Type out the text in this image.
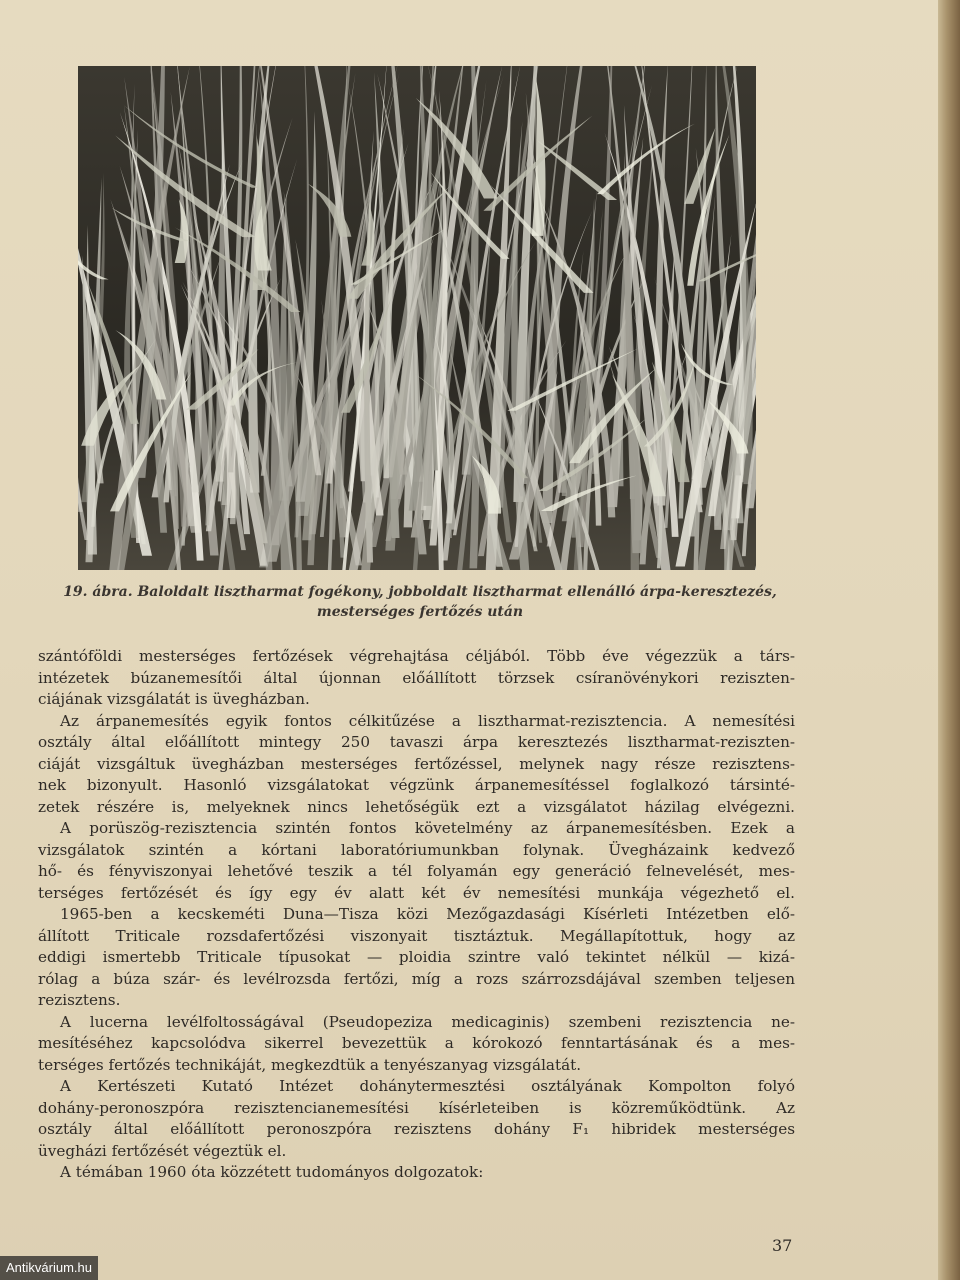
19. ábra. Baloldalt lisztharmat fogékony, jobboldalt lisztharmat ellenálló árpa-keresztezés,
mesterséges fertőzés után
szántóföldi mesterséges fertőzések végrehajtása céljából. Több éve végezzük a társ-
intézetek búzanemesítői által újonnan előállított törzsek csíranövénykori reziszten-
ciájának vizsgálatát is üvegházban.
Az árpanemesítés egyik fontos célkitűzése a lisztharmat-rezisztencia. A nemesítési
osztály által előállított mintegy 250 tavaszi árpa keresztezés lisztharmat-reziszten-
ciáját vizsgáltuk üvegházban mesterséges fertőzéssel, melynek nagy része rezisztens-
nek bizonyult. Hasonló vizsgálatokat végzünk árpanemesítéssel foglalkozó társinté-
zetek részére is, melyeknek nincs lehetőségük ezt a vizsgálatot házilag elvégezni.
A porüszög-rezisztencia szintén fontos követelmény az árpanemesítésben. Ezek a
vizsgálatok szintén a kórtani laboratóriumunkban folynak. Üvegházaink kedvező
hő- és fényviszonyai lehetővé teszik a tél folyamán egy generáció felnevelését, mes-
terséges fertőzését és így egy év alatt két év nemesítési munkája végezhető el.
1965-ben a kecskeméti Duna—Tisza közi Mezőgazdasági Kísérleti Intézetben elő-
állított Triticale rozsdafertőzési viszonyait tisztáztuk. Megállapítottuk, hogy az
eddigi ismertebb Triticale típusokat — ploidia szintre való tekintet nélkül — kizá-
rólag a búza szár- és levélrozsda fertőzi, míg a rozs szárrozsdájával szemben teljesen
rezisztens.
A lucerna levélfoltosságával (Pseudopeziza medicaginis) szembeni rezisztencia ne-
mesítéséhez kapcsolódva sikerrel bevezettük a kórokozó fenntartásának és a mes-
terséges fertőzés technikáját, megkezdtük a tenyészanyag vizsgálatát.
A Kertészeti Kutató Intézet dohánytermesztési osztályának Kompolton folyó
dohány-peronoszpóra rezisztencianemesítési kísérleteiben is közreműködtünk. Az
osztály által előállított peronoszpóra rezisztens dohány F₁ hibridek mesterséges
üvegházi fertőzését végeztük el.
A témában 1960 óta közzétett tudományos dolgozatok:
37
Antikvárium.hu
